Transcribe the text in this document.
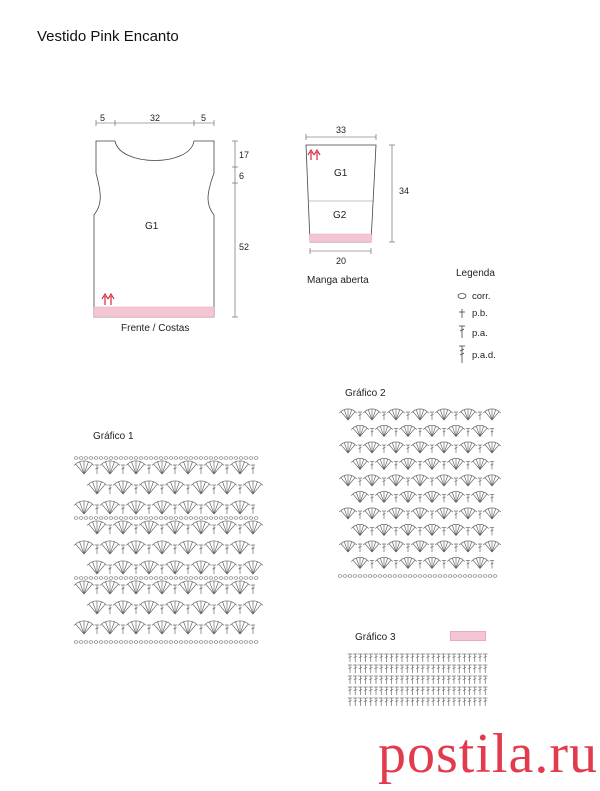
Vestido Pink Encanto
5	32	5
17
6
52
G1
Frente / Costas
33
34
20
G1
G2
Manga aberta
Legenda
corr.
p.b.
p.a.
p.a.d.
Gráfico 1
Gráfico 2
Gráfico 3
postila.ru
